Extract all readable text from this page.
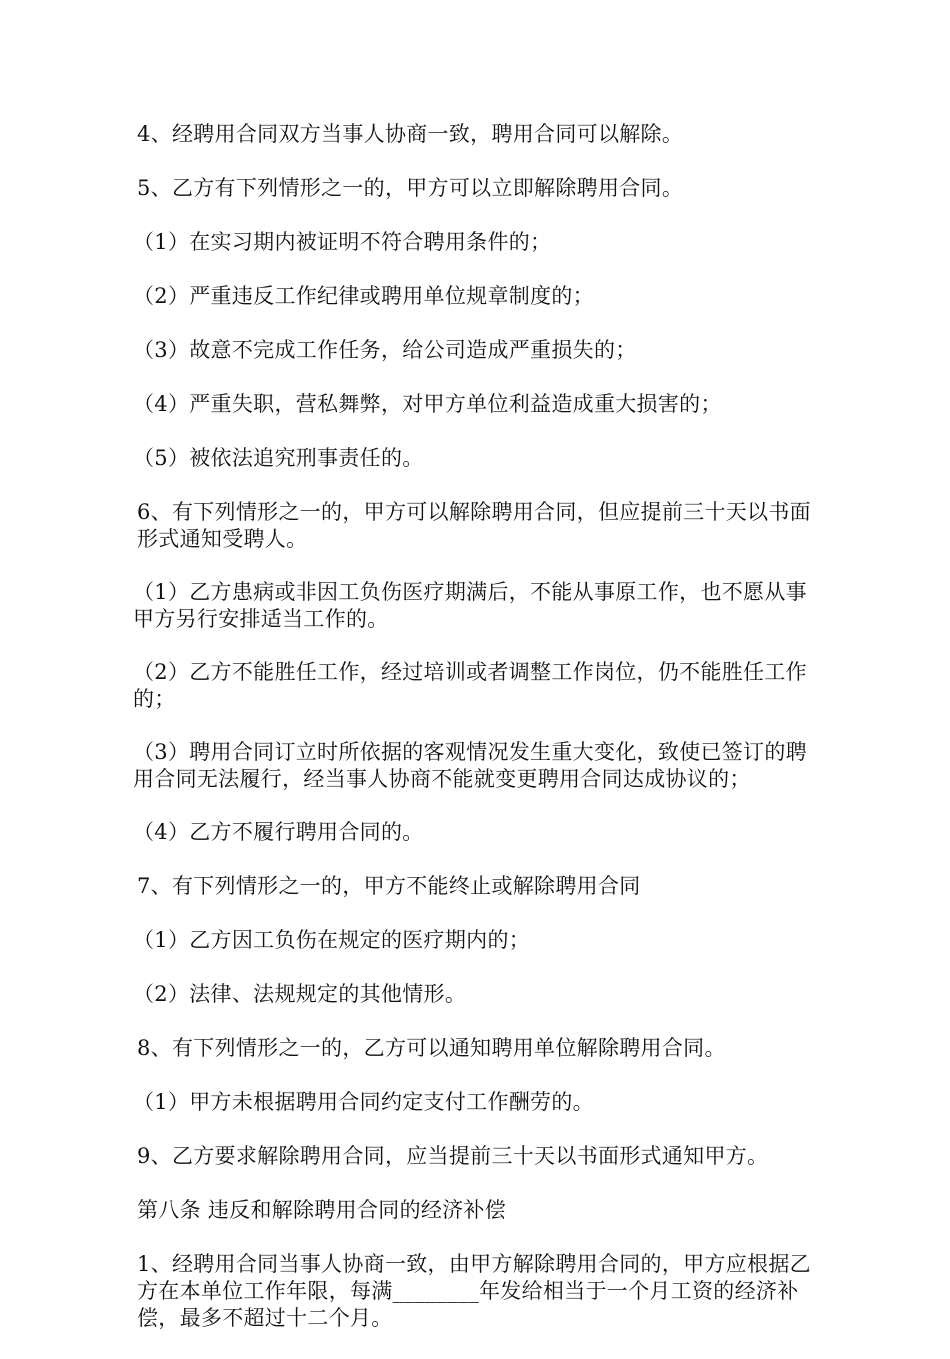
4、经聘用合同双方当事人协商一致，聘用合同可以解除。

5、乙方有下列情形之一的，甲方可以立即解除聘用合同。

（1）在实习期内被证明不符合聘用条件的；

（2）严重违反工作纪律或聘用单位规章制度的；

（3）故意不完成工作任务，给公司造成严重损失的；

（4）严重失职，营私舞弊，对甲方单位利益造成重大损害的；

（5）被依法追究刑事责任的。

6、有下列情形之一的，甲方可以解除聘用合同，但应提前三十天以书面形式通知受聘人。

（1）乙方患病或非因工负伤医疗期满后，不能从事原工作，也不愿从事甲方另行安排适当工作的。

（2）乙方不能胜任工作，经过培训或者调整工作岗位，仍不能胜任工作的；

（3）聘用合同订立时所依据的客观情况发生重大变化，致使已签订的聘用合同无法履行，经当事人协商不能就变更聘用合同达成协议的；

（4）乙方不履行聘用合同的。

7、有下列情形之一的，甲方不能终止或解除聘用合同

（1）乙方因工负伤在规定的医疗期内的；

（2）法律、法规规定的其他情形。

8、有下列情形之一的，乙方可以通知聘用单位解除聘用合同。

（1）甲方未根据聘用合同约定支付工作酬劳的。

9、乙方要求解除聘用合同，应当提前三十天以书面形式通知甲方。

第八条 违反和解除聘用合同的经济补偿

1、经聘用合同当事人协商一致，由甲方解除聘用合同的，甲方应根据乙方在本单位工作年限，每满________年发给相当于一个月工资的经济补偿，最多不超过十二个月。
